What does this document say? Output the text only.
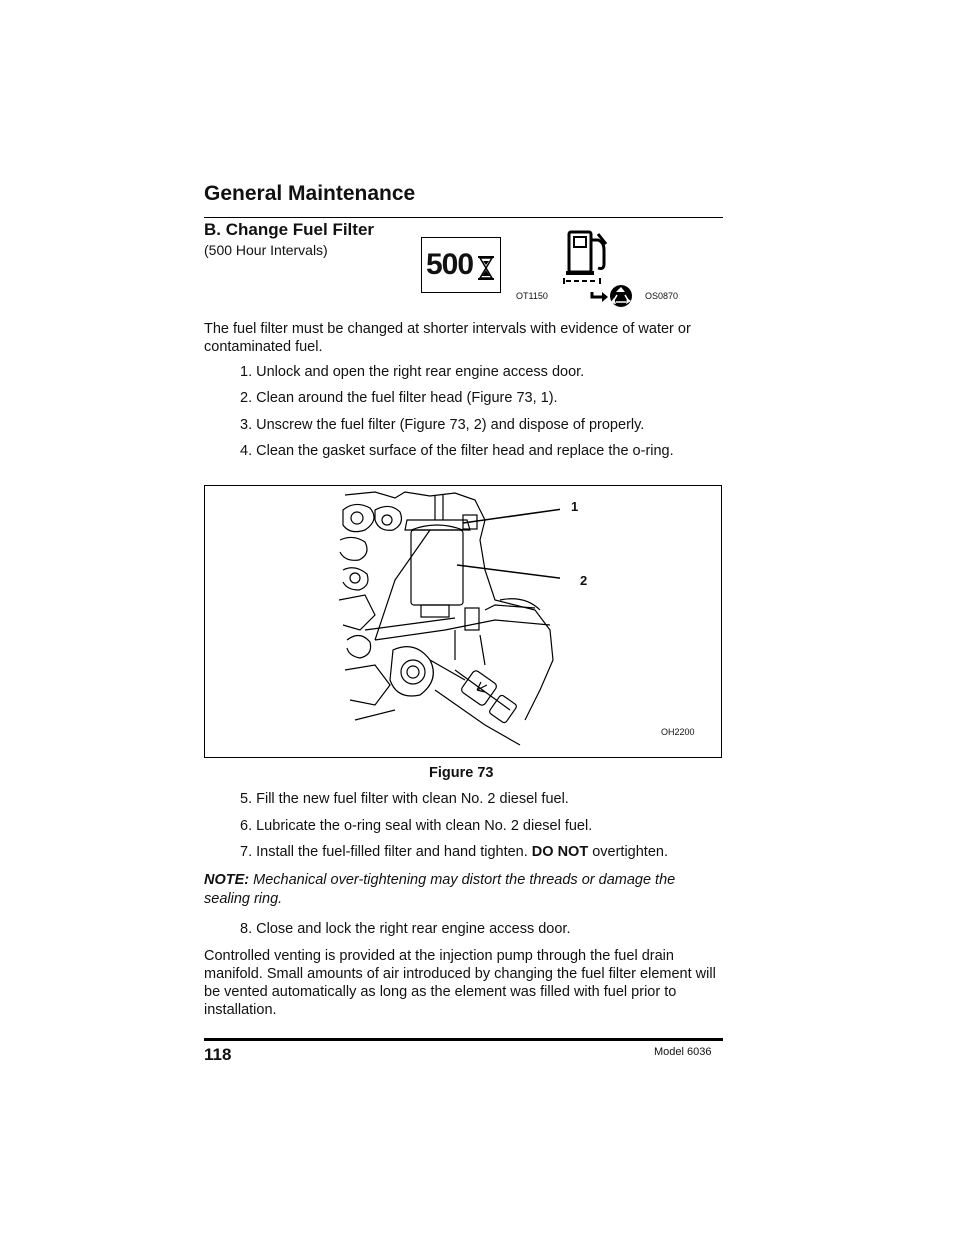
General Maintenance
B. Change Fuel Filter
(500 Hour Intervals)	500
OT1150	OS0870
The fuel filter must be changed at shorter intervals with evidence of water or contaminated fuel.
1. Unlock and open the right rear engine access door.
2. Clean around the fuel filter head (Figure 73, 1).
3. Unscrew the fuel filter (Figure 73, 2) and dispose of properly.
4. Clean the gasket surface of the filter head and replace the o-ring.
1
2
OH2200
Figure 73
5. Fill the new fuel filter with clean No. 2 diesel fuel.
6. Lubricate the o-ring seal with clean No. 2 diesel fuel.
7. Install the fuel-filled filter and hand tighten. DO NOT overtighten.
NOTE: Mechanical over-tightening may distort the threads or damage the sealing ring.
8. Close and lock the right rear engine access door.
Controlled venting is provided at the injection pump through the fuel drain manifold. Small amounts of air introduced by changing the fuel filter element will be vented automatically as long as the element was filled with fuel prior to installation.
118	Model 6036
